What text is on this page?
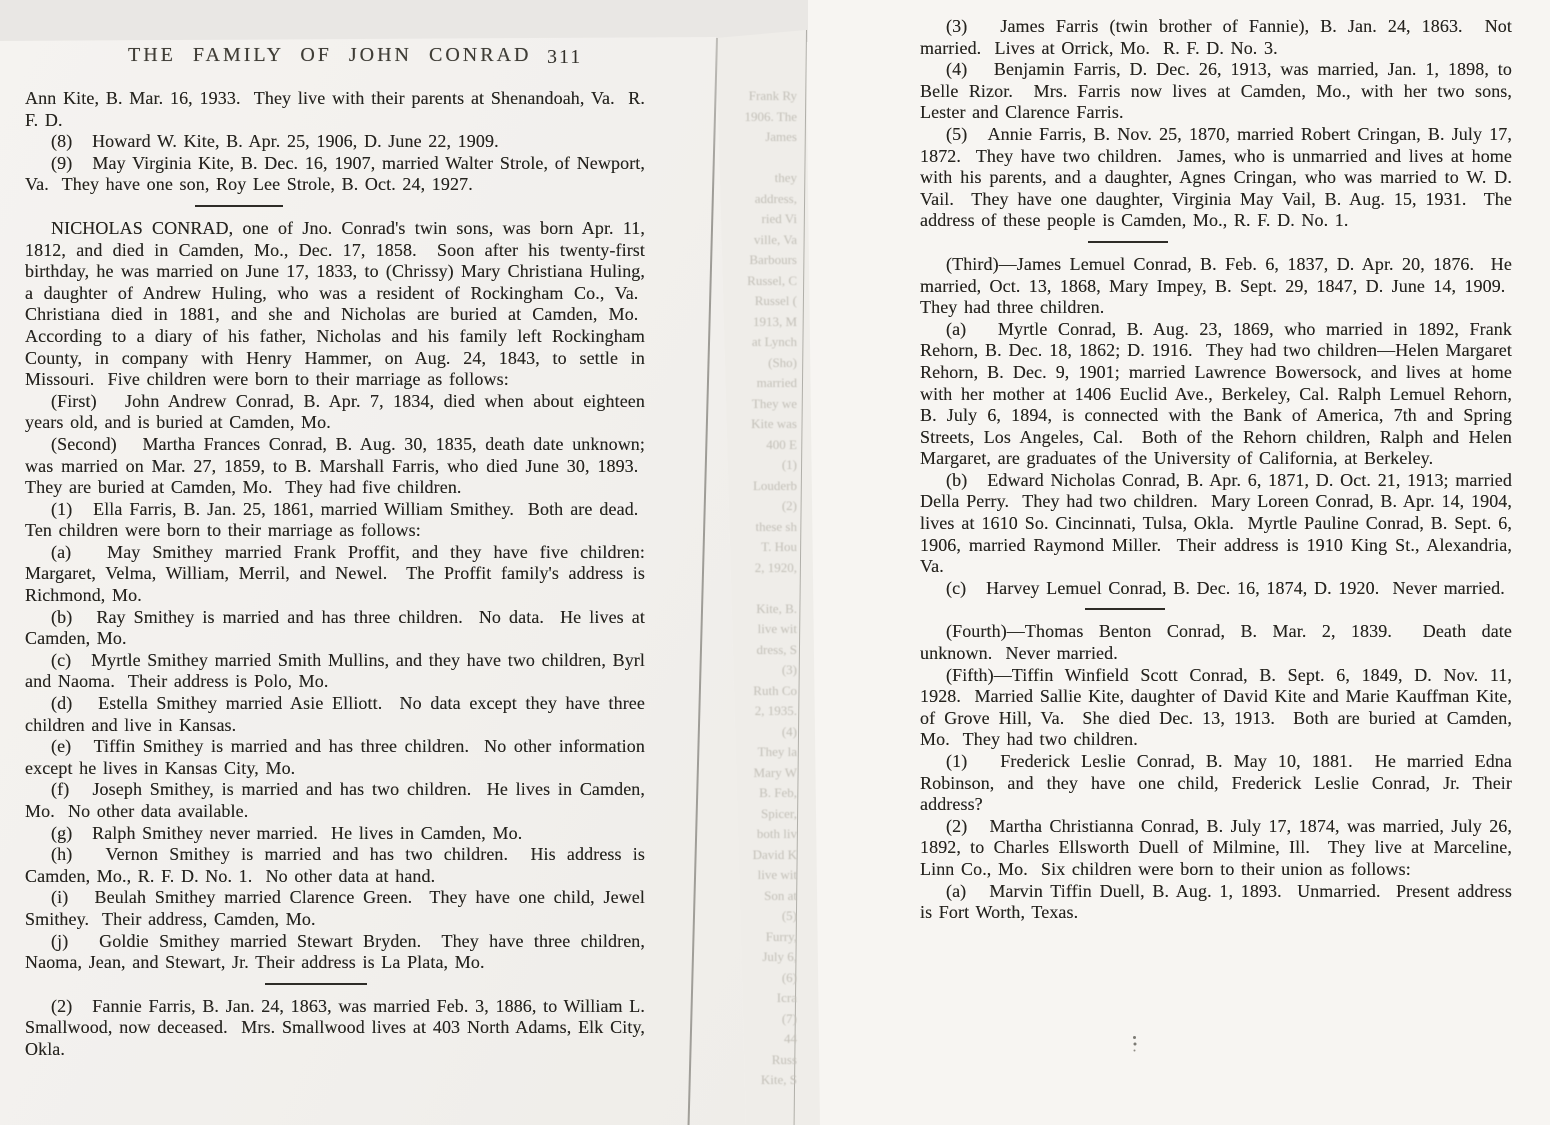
Frank Ry
1906. The
James
they
address,
ried Vi
ville, Va
Barbours
Russel, C
Russel (
1913, M
at Lynch
(Sho)
married
They we
Kite was
400 E
(1)
Louderb
(2)
these sh
T. Hou
2, 1920,
Kite, B.
live wit
dress, S
(3)
Ruth Co
2, 1935.
(4)
They la
Mary W
B. Feb,
Spicer,
both liv
David K
live wit
Son at
(5)
Furry,
July 6,
(6)
Icra
(7)
44
Russ
Kite, S
THE FAMILY OF JOHN CONRAD 311

Ann Kite, B. Mar. 16, 1933.  They live with their parents at Shenandoah, Va.  R. F. D.

(8)   Howard W. Kite, B. Apr. 25, 1906, D. June 22, 1909.

(9)   May Virginia Kite, B. Dec. 16, 1907, married Walter Strole, of Newport, Va.  They have one son, Roy Lee Strole, B. Oct. 24, 1927.

NICHOLAS CONRAD, one of Jno. Conrad's twin sons, was born Apr. 11, 1812, and died in Camden, Mo., Dec. 17, 1858.  Soon after his twenty-first birthday, he was married on June 17, 1833, to (Chrissy) Mary Christiana Huling, a daughter of Andrew Huling, who was a resident of Rockingham Co., Va.  Christiana died in 1881, and she and Nicholas are buried at Camden, Mo.  According to a diary of his father, Nicholas and his family left Rockingham County, in company with Henry Hammer, on Aug. 24, 1843, to settle in Missouri.  Five children were born to their marriage as follows:

(First)   John Andrew Conrad, B. Apr. 7, 1834, died when about eighteen years old, and is buried at Camden, Mo.

(Second)   Martha Frances Conrad, B. Aug. 30, 1835, death date unknown; was married on Mar. 27, 1859, to B. Marshall Farris, who died June 30, 1893.  They are buried at Camden, Mo.  They had five children.

(1)   Ella Farris, B. Jan. 25, 1861, married William Smithey.  Both are dead.  Ten children were born to their marriage as follows:

(a)   May Smithey married Frank Proffit, and they have five children: Margaret, Velma, William, Merril, and Newel.  The Proffit family's address is Richmond, Mo.

(b)   Ray Smithey is married and has three children.  No data.  He lives at Camden, Mo.

(c)   Myrtle Smithey married Smith Mullins, and they have two children, Byrl and Naoma.  Their address is Polo, Mo.

(d)   Estella Smithey married Asie Elliott.  No data except they have three children and live in Kansas.

(e)   Tiffin Smithey is married and has three children.  No other information except he lives in Kansas City, Mo.

(f)   Joseph Smithey, is married and has two children.  He lives in Camden, Mo.  No other data available.

(g)   Ralph Smithey never married.  He lives in Camden, Mo.

(h)   Vernon Smithey is married and has two children.  His address is Camden, Mo., R. F. D. No. 1.  No other data at hand.

(i)   Beulah Smithey married Clarence Green.  They have one child, Jewel Smithey.  Their address, Camden, Mo.

(j)   Goldie Smithey married Stewart Bryden.  They have three children, Naoma, Jean, and Stewart, Jr. Their address is La Plata, Mo.

(2)   Fannie Farris, B. Jan. 24, 1863, was married Feb. 3, 1886, to William L. Smallwood, now deceased.  Mrs. Smallwood lives at 403 North Adams, Elk City, Okla.

(3)   James Farris (twin brother of Fannie), B. Jan. 24, 1863.  Not married.  Lives at Orrick, Mo.  R. F. D. No. 3.

(4)   Benjamin Farris, D. Dec. 26, 1913, was married, Jan. 1, 1898, to Belle Rizor.  Mrs. Farris now lives at Camden, Mo., with her two sons, Lester and Clarence Farris.

(5)   Annie Farris, B. Nov. 25, 1870, married Robert Cringan, B. July 17, 1872.  They have two children.  James, who is unmarried and lives at home with his parents, and a daughter, Agnes Cringan, who was married to W. D. Vail.  They have one daughter, Virginia May Vail, B. Aug. 15, 1931.  The address of these people is Camden, Mo., R. F. D. No. 1.

(Third)—James Lemuel Conrad, B. Feb. 6, 1837, D. Apr. 20, 1876.  He married, Oct. 13, 1868, Mary Impey, B. Sept. 29, 1847, D. June 14, 1909.  They had three children.

(a)   Myrtle Conrad, B. Aug. 23, 1869, who married in 1892, Frank Rehorn, B. Dec. 18, 1862; D. 1916.  They had two children—Helen Margaret Rehorn, B. Dec. 9, 1901; married Lawrence Bowersock, and lives at home with her mother at 1406 Euclid Ave., Berkeley, Cal. Ralph Lemuel Rehorn, B. July 6, 1894, is connected with the Bank of America, 7th and Spring Streets, Los Angeles, Cal.  Both of the Rehorn children, Ralph and Helen Margaret, are graduates of the University of California, at Berkeley.

(b)   Edward Nicholas Conrad, B. Apr. 6, 1871, D. Oct. 21, 1913; married Della Perry.  They had two children.  Mary Loreen Conrad, B. Apr. 14, 1904, lives at 1610 So. Cincinnati, Tulsa, Okla.  Myrtle Pauline Conrad, B. Sept. 6, 1906, married Raymond Miller.  Their address is 1910 King St., Alexandria, Va.

(c)   Harvey Lemuel Conrad, B. Dec. 16, 1874, D. 1920.  Never married.

(Fourth)—Thomas Benton Conrad, B. Mar. 2, 1839.  Death date unknown.  Never married.

(Fifth)—Tiffin Winfield Scott Conrad, B. Sept. 6, 1849, D. Nov. 11, 1928.  Married Sallie Kite, daughter of David Kite and Marie Kauffman Kite, of Grove Hill, Va.  She died Dec. 13, 1913.  Both are buried at Camden, Mo.  They had two children.

(1)   Frederick Leslie Conrad, B. May 10, 1881.  He married Edna Robinson, and they have one child, Frederick Leslie Conrad, Jr. Their address?

(2)   Martha Christianna Conrad, B. July 17, 1874, was married, July 26, 1892, to Charles Ellsworth Duell of Milmine, Ill.  They live at Marceline, Linn Co., Mo.  Six children were born to their union as follows:

(a)   Marvin Tiffin Duell, B. Aug. 1, 1893.  Unmarried.  Present address is Fort Worth, Texas.
